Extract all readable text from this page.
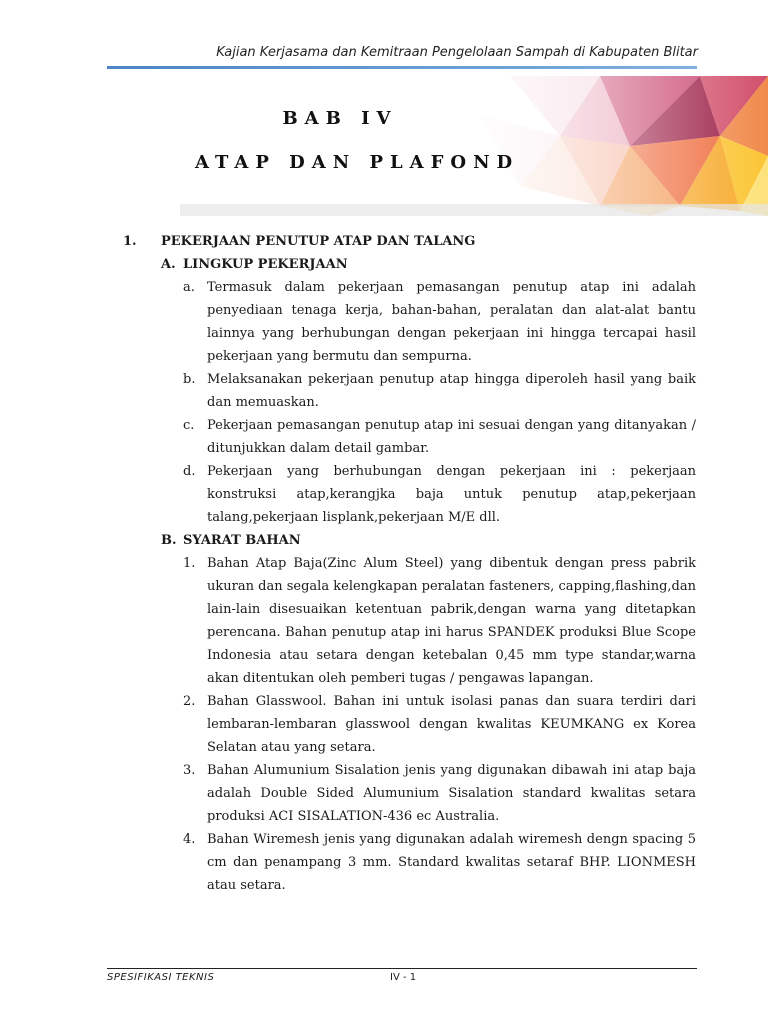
Kajian Kerjasama dan Kemitraan Pengelolaan Sampah di Kabupaten Blitar
BAB IV
ATAP DAN PLAFOND
1. PEKERJAAN PENUTUP ATAP DAN TALANG
A. LINGKUP PEKERJAAN
a. Termasuk dalam pekerjaan pemasangan penutup atap ini adalah penyediaan tenaga kerja, bahan-bahan, peralatan dan alat-alat bantu lainnya yang berhubungan dengan pekerjaan ini hingga tercapai hasil pekerjaan yang bermutu dan sempurna.
b. Melaksanakan pekerjaan penutup atap hingga diperoleh hasil yang baik dan memuaskan.
c. Pekerjaan pemasangan penutup atap ini sesuai dengan yang ditanyakan / ditunjukkan dalam detail gambar.
d. Pekerjaan yang berhubungan dengan pekerjaan ini : pekerjaan konstruksi atap,kerangjka baja untuk penutup atap,pekerjaan talang,pekerjaan lisplank,pekerjaan M/E dll.
B. SYARAT BAHAN
1. Bahan Atap Baja(Zinc Alum Steel) yang dibentuk dengan press pabrik ukuran dan segala kelengkapan peralatan fasteners, capping,flashing,dan lain-lain disesuaikan ketentuan pabrik,dengan warna yang ditetapkan perencana. Bahan penutup atap ini harus SPANDEK produksi Blue Scope Indonesia atau setara dengan ketebalan 0,45 mm type standar,warna akan ditentukan oleh pemberi tugas / pengawas lapangan.
2. Bahan Glasswool. Bahan ini untuk isolasi panas dan suara terdiri dari lembaran-lembaran glasswool dengan kwalitas KEUMKANG ex Korea Selatan atau yang setara.
3. Bahan Alumunium Sisalation jenis yang digunakan dibawah ini atap baja adalah Double Sided Alumunium Sisalation standard kwalitas setara produksi ACI SISALATION-436 ec Australia.
4. Bahan Wiremesh jenis yang digunakan adalah wiremesh dengn spacing 5 cm dan penampang 3 mm. Standard kwalitas setaraf BHP. LIONMESH atau setara.
SPESIFIKASI TEKNIS	IV - 1
